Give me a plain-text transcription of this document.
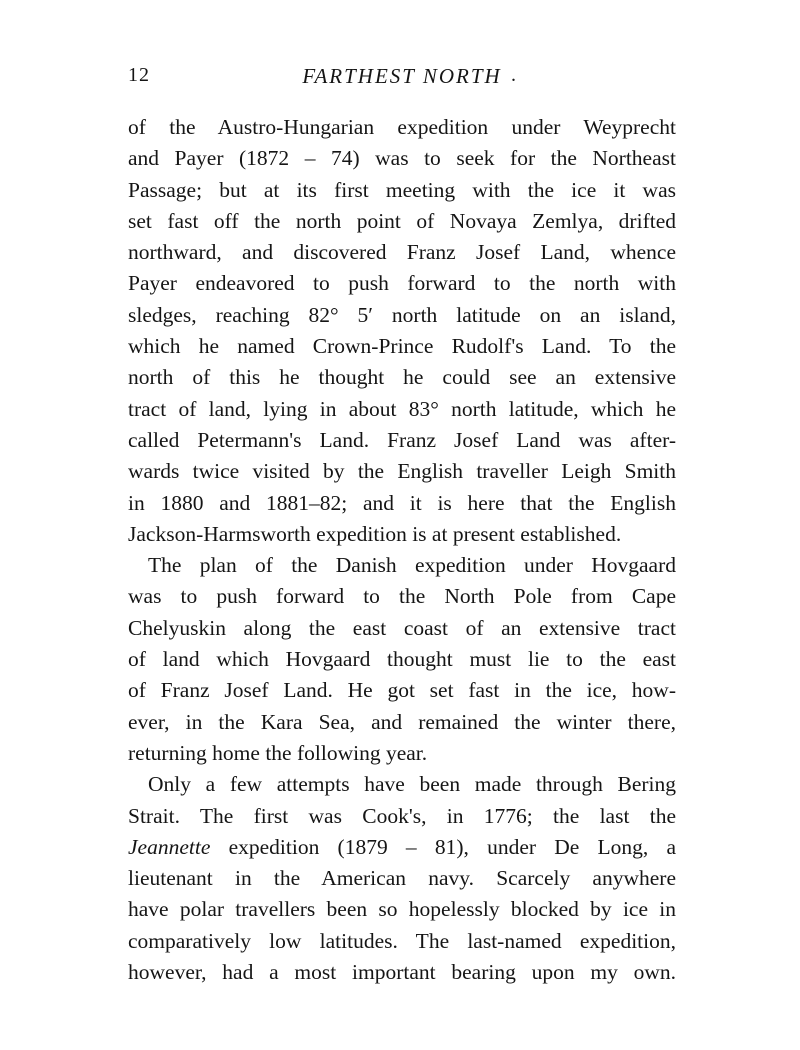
12	FARTHEST NORTH .
of the Austro-Hungarian expedition under Weyprecht
and Payer (1872 – 74) was to seek for the Northeast
Passage; but at its first meeting with the ice it was
set fast off the north point of Novaya Zemlya, drifted
northward, and discovered Franz Josef Land, whence
Payer endeavored to push forward to the north with
sledges, reaching 82° 5′ north latitude on an island,
which he named Crown-Prince Rudolf's Land. To the
north of this he thought he could see an extensive
tract of land, lying in about 83° north latitude, which he
called Petermann's Land. Franz Josef Land was after-
wards twice visited by the English traveller Leigh Smith
in 1880 and 1881–82; and it is here that the English
Jackson-Harmsworth expedition is at present established.
The plan of the Danish expedition under Hovgaard
was to push forward to the North Pole from Cape
Chelyuskin along the east coast of an extensive tract
of land which Hovgaard thought must lie to the east
of Franz Josef Land. He got set fast in the ice, how-
ever, in the Kara Sea, and remained the winter there,
returning home the following year.
Only a few attempts have been made through Bering
Strait. The first was Cook's, in 1776; the last the
Jeannette expedition (1879 – 81), under De Long, a
lieutenant in the American navy. Scarcely anywhere
have polar travellers been so hopelessly blocked by ice in
comparatively low latitudes. The last-named expedition,
however, had a most important bearing upon my own.
